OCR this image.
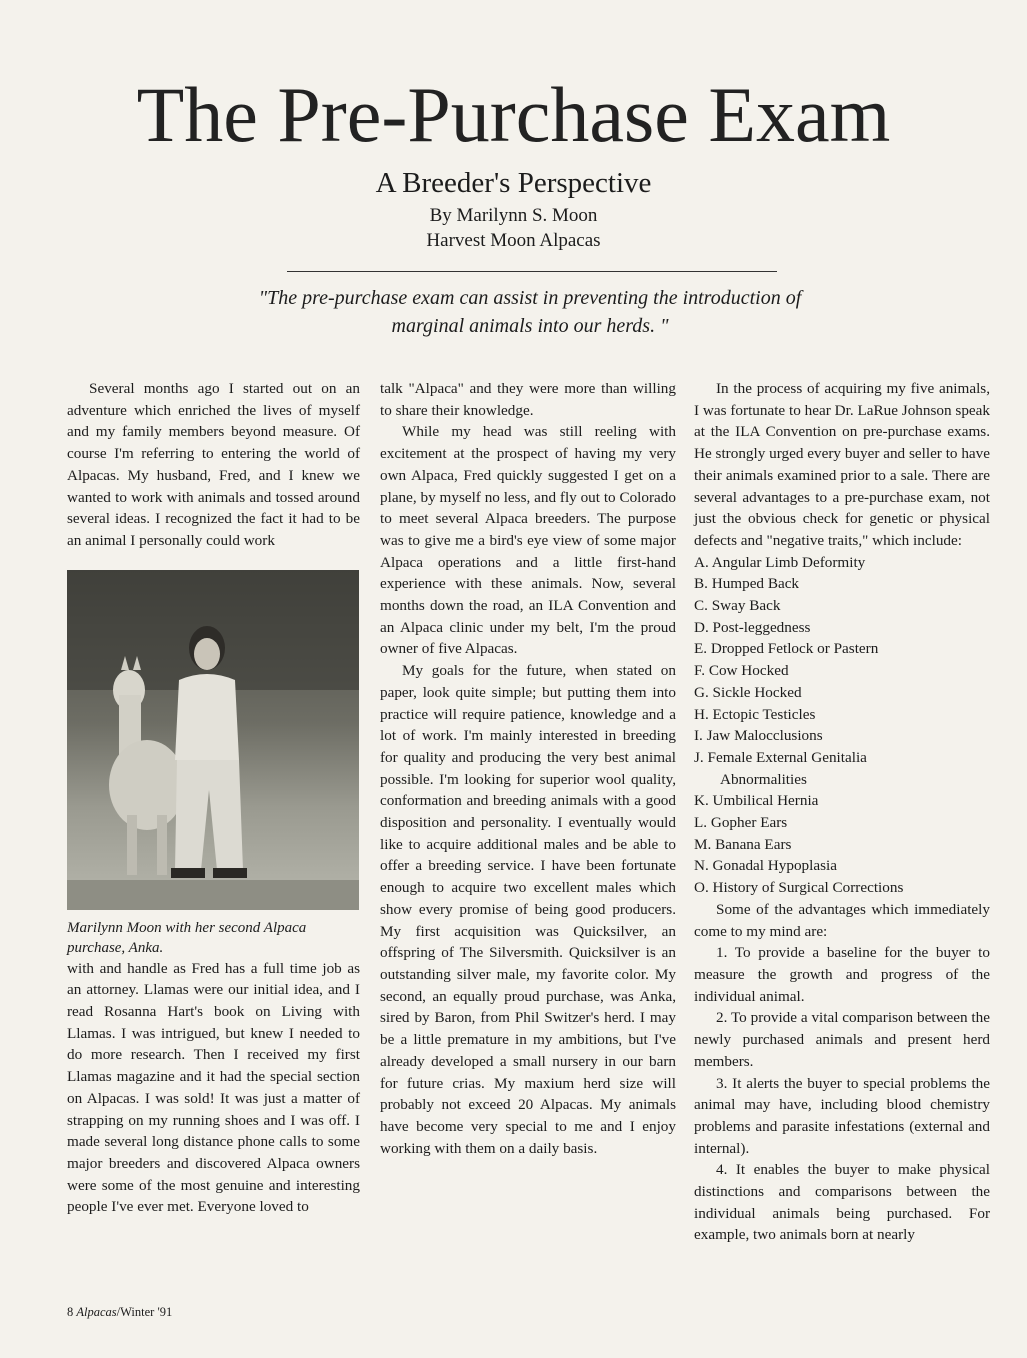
The Pre-Purchase Exam
A Breeder's Perspective
By Marilynn S. Moon
Harvest Moon Alpacas
"The pre-purchase exam can assist in preventing the introduction of marginal animals into our herds. "

Several months ago I started out on an adventure which enriched the lives of myself and my family members beyond measure. Of course I'm referring to entering the world of Alpacas. My husband, Fred, and I knew we wanted to work with animals and tossed around several ideas. I recognized the fact it had to be an animal I personally could work

Marilynn Moon with her second Alpaca purchase, Anka.

with and handle as Fred has a full time job as an attorney. Llamas were our initial idea, and I read Rosanna Hart's book on Living with Llamas. I was intrigued, but knew I needed to do more research. Then I received my first Llamas magazine and it had the special section on Alpacas. I was sold! It was just a matter of strapping on my running shoes and I was off. I made several long distance phone calls to some major breeders and discovered Alpaca owners were some of the most genuine and interesting people I've ever met. Everyone loved to

talk "Alpaca" and they were more than willing to share their knowledge.

While my head was still reeling with excitement at the prospect of having my very own Alpaca, Fred quickly suggested I get on a plane, by myself no less, and fly out to Colorado to meet several Alpaca breeders. The purpose was to give me a bird's eye view of some major Alpaca operations and a little first-hand experience with these animals. Now, several months down the road, an ILA Convention and an Alpaca clinic under my belt, I'm the proud owner of five Alpacas.

My goals for the future, when stated on paper, look quite simple; but putting them into practice will require patience, knowledge and a lot of work. I'm mainly interested in breeding for quality and producing the very best animal possible. I'm looking for superior wool quality, conformation and breeding animals with a good disposition and personality. I eventually would like to acquire additional males and be able to offer a breeding service. I have been fortunate enough to acquire two excellent males which show every promise of being good producers. My first acquisition was Quicksilver, an offspring of The Silversmith. Quicksilver is an outstanding silver male, my favorite color. My second, an equally proud purchase, was Anka, sired by Baron, from Phil Switzer's herd. I may be a little premature in my ambitions, but I've already developed a small nursery in our barn for future crias. My maxium herd size will probably not exceed 20 Alpacas. My animals have become very special to me and I enjoy working with them on a daily basis.

In the process of acquiring my five animals, I was fortunate to hear Dr. LaRue Johnson speak at the ILA Convention on pre-purchase exams. He strongly urged every buyer and seller to have their animals examined prior to a sale. There are several advantages to a pre-purchase exam, not just the obvious check for genetic or physical defects and "negative traits," which include:

A. Angular Limb Deformity
B. Humped Back
C. Sway Back
D. Post-leggedness
E. Dropped Fetlock or Pastern
F. Cow Hocked
G. Sickle Hocked
H. Ectopic Testicles
I. Jaw Malocclusions
J. Female External Genitalia
Abnormalities
K. Umbilical Hernia
L. Gopher Ears
M. Banana Ears
N. Gonadal Hypoplasia
O. History of Surgical Corrections

Some of the advantages which immediately come to my mind are:

1. To provide a baseline for the buyer to measure the growth and progress of the individual animal.

2. To provide a vital comparison between the newly purchased animals and present herd members.

3. It alerts the buyer to special problems the animal may have, including blood chemistry problems and parasite infestations (external and internal).

4. It enables the buyer to make physical distinctions and comparisons between the individual animals being purchased. For example, two animals born at nearly

8 Alpacas/Winter '91
